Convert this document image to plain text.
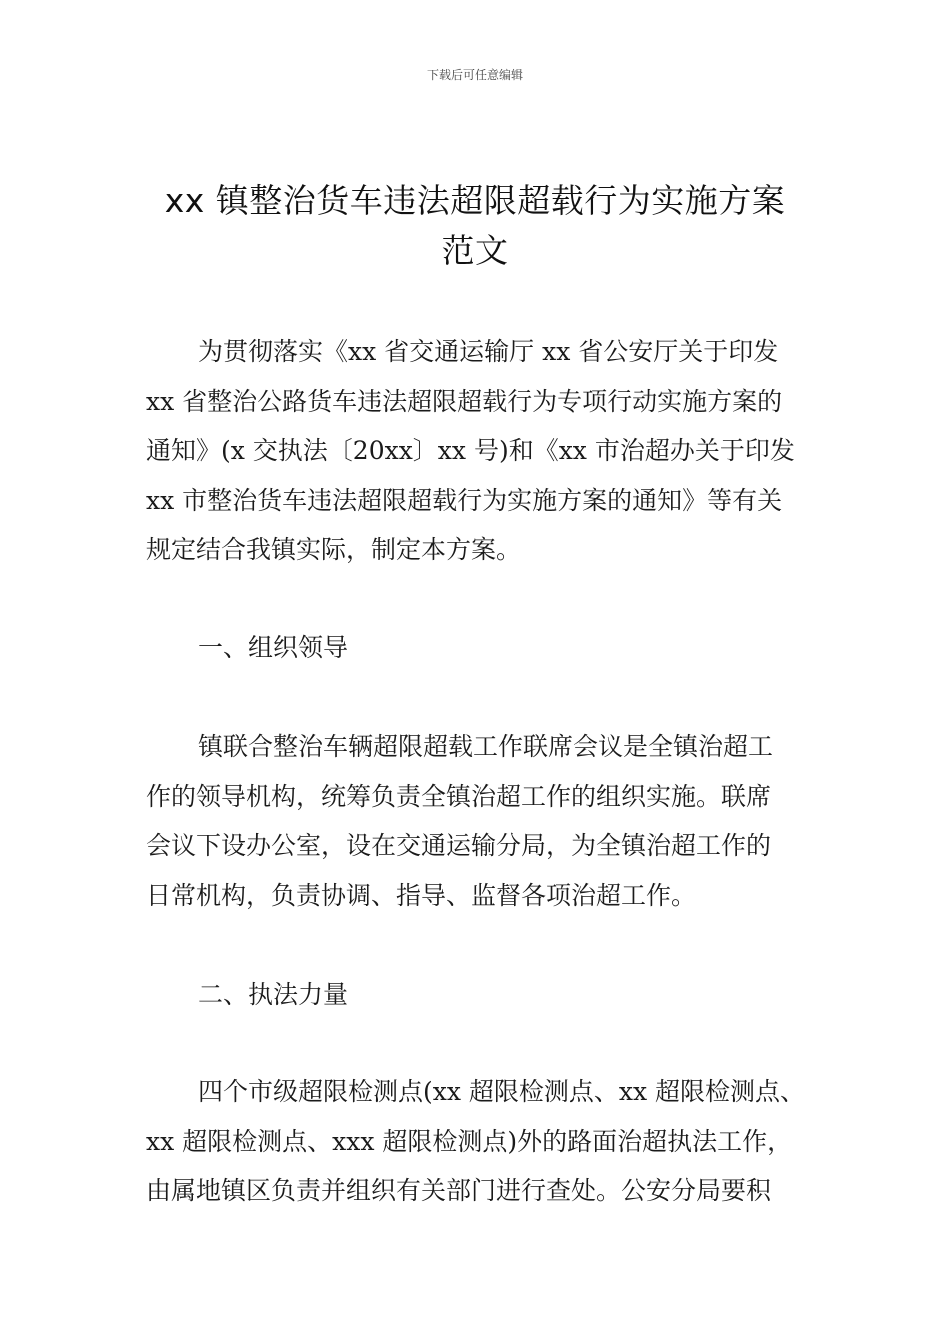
下载后可任意编辑
xx 镇整治货车违法超限超载行为实施方案
范文
为贯彻落实《xx 省交通运输厅 xx 省公安厅关于印发
xx 省整治公路货车违法超限超载行为专项行动实施方案的
通知》(x 交执法〔20xx〕xx 号)和《xx 市治超办关于印发
xx 市整治货车违法超限超载行为实施方案的通知》等有关
规定结合我镇实际，制定本方案。
一、组织领导
镇联合整治车辆超限超载工作联席会议是全镇治超工
作的领导机构，统筹负责全镇治超工作的组织实施。联席
会议下设办公室，设在交通运输分局，为全镇治超工作的
日常机构，负责协调、指导、监督各项治超工作。
二、执法力量
四个市级超限检测点(xx 超限检测点、xx 超限检测点、
xx 超限检测点、xxx 超限检测点)外的路面治超执法工作，
由属地镇区负责并组织有关部门进行查处。公安分局要积
